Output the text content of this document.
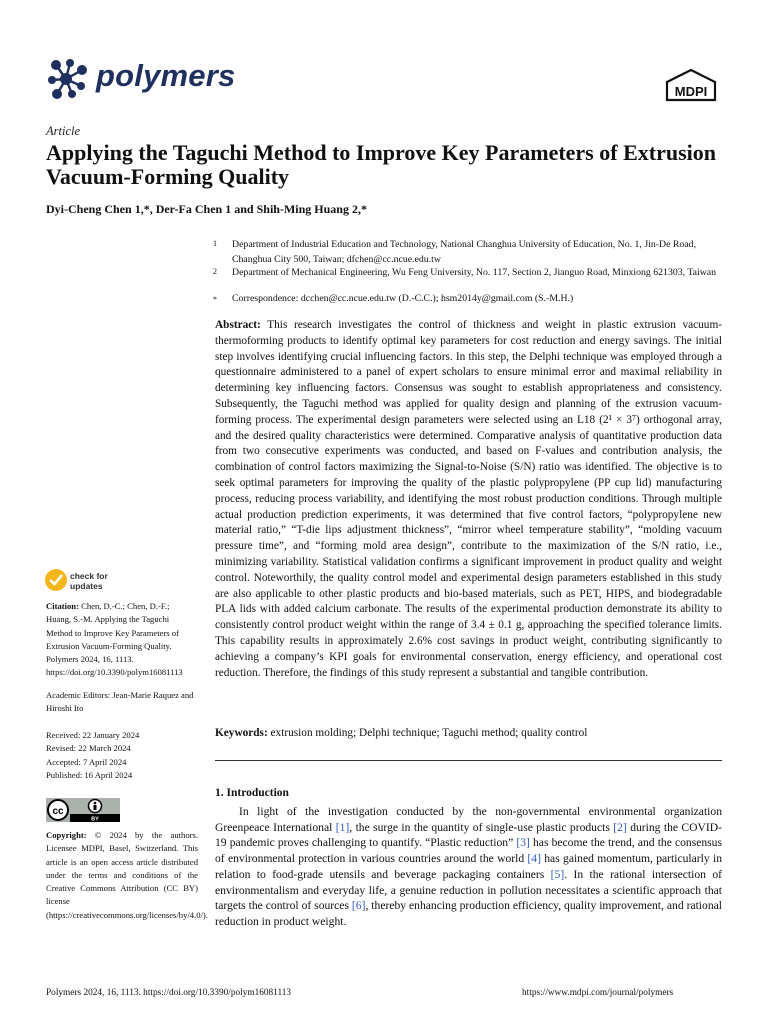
polymers	MDPI
Article
Applying the Taguchi Method to Improve Key Parameters of Extrusion Vacuum-Forming Quality
Dyi-Cheng Chen 1,*, Der-Fa Chen 1 and Shih-Ming Huang 2,*
1 Department of Industrial Education and Technology, National Changhua University of Education, No. 1, Jin-De Road, Changhua City 500, Taiwan; dfchen@cc.ncue.edu.tw
2 Department of Mechanical Engineering, Wu Feng University, No. 117, Section 2, Jianguo Road, Minxiong 621303, Taiwan
* Correspondence: dcchen@cc.ncue.edu.tw (D.-C.C.); hsm2014y@gmail.com (S.-M.H.)
Abstract: This research investigates the control of thickness and weight in plastic extrusion vacuum-thermoforming products to identify optimal key parameters for cost reduction and energy savings. The initial step involves identifying crucial influencing factors. In this step, the Delphi technique was employed through a questionnaire administered to a panel of expert scholars to ensure minimal error and maximal reliability in determining key influencing factors. Consensus was sought to establish appropriateness and consistency. Subsequently, the Taguchi method was applied for quality design and planning of the extrusion vacuum-forming process. The experimental design parameters were selected using an L18 (2¹ × 3⁷) orthogonal array, and the desired quality characteristics were determined. Comparative analysis of quantitative production data from two consecutive experiments was conducted, and based on F-values and contribution analysis, the combination of control factors maximizing the Signal-to-Noise (S/N) ratio was identified. The objective is to seek optimal parameters for improving the quality of the plastic polypropylene (PP cup lid) manufacturing process, reducing process variability, and identifying the most robust production conditions. Through multiple actual production prediction experiments, it was determined that five control factors, “polypropylene new material ratio,” “T-die lips adjustment thickness”, “mirror wheel temperature stability”, “molding vacuum pressure time”, and “forming mold area design”, contribute to the maximization of the S/N ratio, i.e., minimizing variability. Statistical validation confirms a significant improvement in product quality and weight control. Noteworthily, the quality control model and experimental design parameters established in this study are also applicable to other plastic products and bio-based materials, such as PET, HIPS, and biodegradable PLA lids with added calcium carbonate. The results of the experimental production demonstrate its ability to consistently control product weight within the range of 3.4 ± 0.1 g, approaching the specified tolerance limits. This capability results in approximately 2.6% cost savings in product weight, contributing significantly to achieving a company’s KPI goals for environmental conservation, energy efficiency, and operational cost reduction. Therefore, the findings of this study represent a substantial and tangible contribution.
Keywords: extrusion molding; Delphi technique; Taguchi method; quality control
1. Introduction
In light of the investigation conducted by the non-governmental environmental organization Greenpeace International [1], the surge in the quantity of single-use plastic products [2] during the COVID-19 pandemic proves challenging to quantify. “Plastic reduction” [3] has become the trend, and the consensus of environmental protection in various countries around the world [4] has gained momentum, particularly in relation to food-grade utensils and beverage packaging containers [5]. In the rational intersection of environmentalism and everyday life, a genuine reduction in pollution necessitates a scientific approach that targets the control of sources [6], thereby enhancing production efficiency, quality improvement, and rational reduction in product weight.
check for updates
Citation: Chen, D.-C.; Chen, D.-F.; Huang, S.-M. Applying the Taguchi Method to Improve Key Parameters of Extrusion Vacuum-Forming Quality. Polymers 2024, 16, 1113. https://doi.org/10.3390/polym16081113
Academic Editors: Jean-Marie Raquez and Hiroshi Ito
Received: 22 January 2024
Revised: 22 March 2024
Accepted: 7 April 2024
Published: 16 April 2024
cc
BY
Copyright: © 2024 by the authors. Licensee MDPI, Basel, Switzerland. This article is an open access article distributed under the terms and conditions of the Creative Commons Attribution (CC BY) license (https://creativecommons.org/licenses/by/4.0/).
Polymers 2024, 16, 1113. https://doi.org/10.3390/polym16081113	https://www.mdpi.com/journal/polymers
